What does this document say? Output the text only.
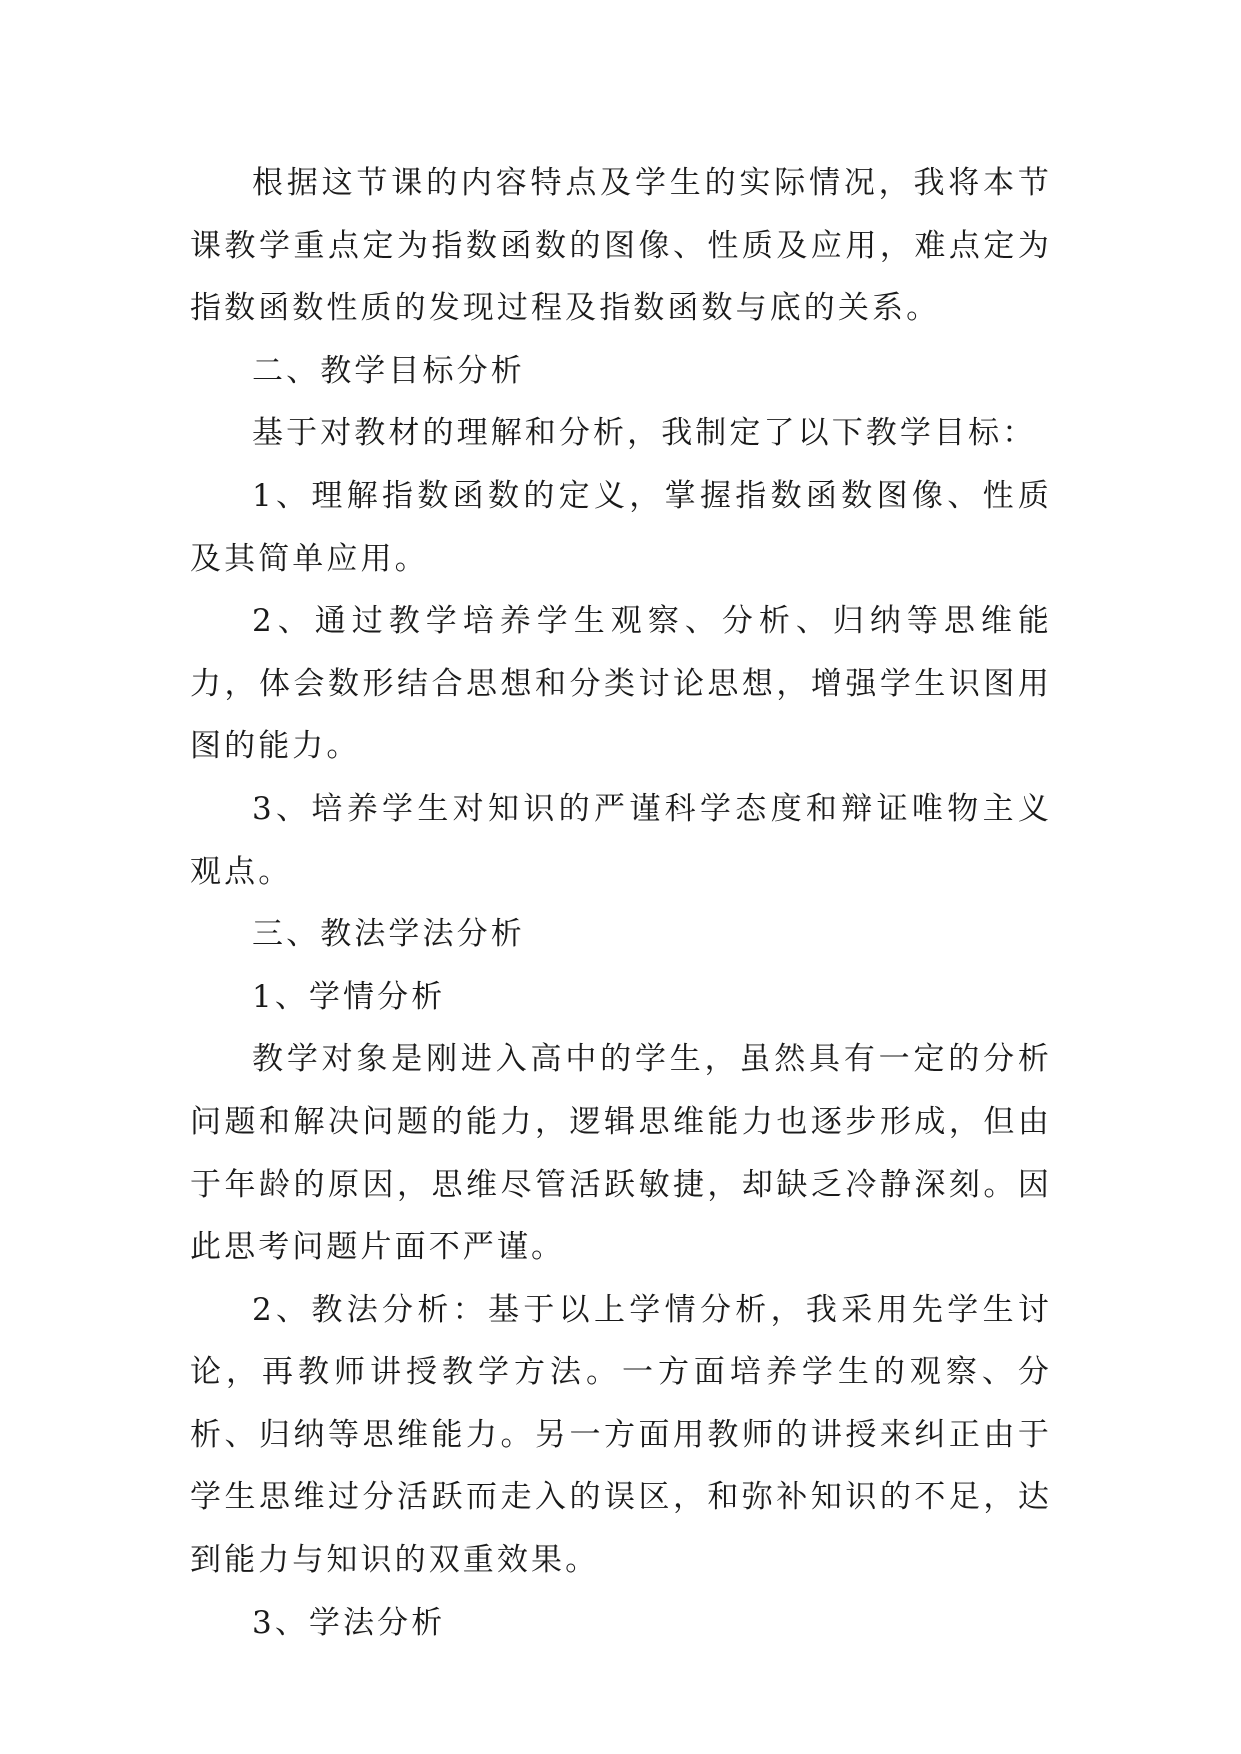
根据这节课的内容特点及学生的实际情况，我将本节课教学重点定为指数函数的图像、性质及应用，难点定为指数函数性质的发现过程及指数函数与底的关系。

二、教学目标分析

基于对教材的理解和分析，我制定了以下教学目标：

1、理解指数函数的定义，掌握指数函数图像、性质及其简单应用。

2、通过教学培养学生观察、分析、归纳等思维能力，体会数形结合思想和分类讨论思想，增强学生识图用图的能力。

3、培养学生对知识的严谨科学态度和辩证唯物主义观点。

三、教法学法分析

1、学情分析

教学对象是刚进入高中的学生，虽然具有一定的分析问题和解决问题的能力，逻辑思维能力也逐步形成，但由于年龄的原因，思维尽管活跃敏捷，却缺乏冷静深刻。因此思考问题片面不严谨。

2、教法分析：基于以上学情分析，我采用先学生讨论，再教师讲授教学方法。一方面培养学生的观察、分析、归纳等思维能力。另一方面用教师的讲授来纠正由于学生思维过分活跃而走入的误区，和弥补知识的不足，达到能力与知识的双重效果。

3、学法分析
